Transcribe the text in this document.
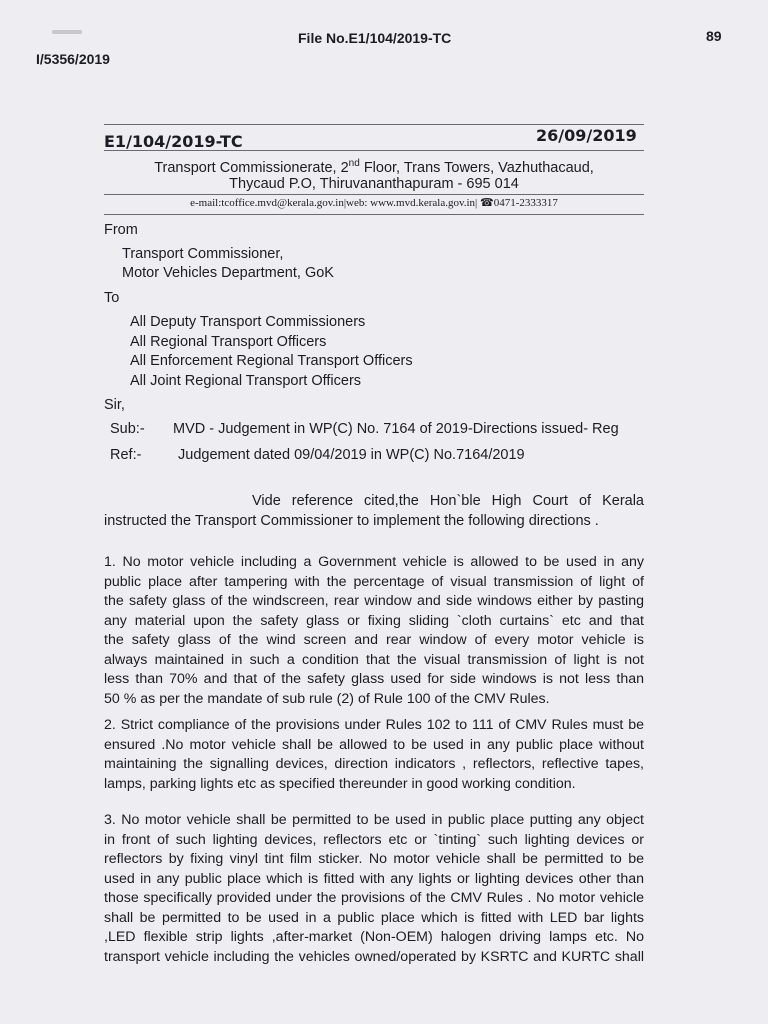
File No.E1/104/2019-TC	89
I/5356/2019
E1/104/2019-TC	26/09/2019
Transport Commissionerate, 2nd Floor, Trans Towers, Vazhuthacaud,
Thycaud P.O, Thiruvananthapuram - 695 014
e-mail:tcoffice.mvd@kerala.gov.in|web: www.mvd.kerala.gov.in| ☎0471-2333317
From
Transport Commissioner,
Motor Vehicles Department, GoK
To
All Deputy Transport Commissioners
All Regional Transport Officers
All Enforcement Regional Transport Officers
All Joint Regional Transport Officers
Sir,
Sub:- MVD - Judgement in WP(C) No. 7164 of 2019-Directions issued- Reg
Ref:-	Judgement dated 09/04/2019 in WP(C) No.7164/2019
Vide reference cited,the Hon`ble High Court of Kerala
instructed the Transport Commissioner to implement the following directions .
1. No motor vehicle including a Government vehicle is allowed to be used in any
public place after tampering with the percentage of visual transmission of light of
the safety glass of the windscreen, rear window and side windows either by pasting
any material upon the safety glass or fixing sliding `cloth curtains` etc and that
the safety glass of the wind screen and rear window of every motor vehicle is
always maintained in such a condition that the visual transmission of light is not
less than 70% and that of the safety glass used for side windows is not less than
50 % as per the mandate of sub rule (2) of Rule 100 of the CMV Rules.
2. Strict compliance of the provisions under Rules 102 to 111 of CMV Rules must be
ensured .No motor vehicle shall be allowed to be used in any public place without
maintaining the signalling devices, direction indicators , reflectors, reflective tapes,
lamps, parking lights etc as specified thereunder in good working condition.
3. No motor vehicle shall be permitted to be used in public place putting any object
in front of such lighting devices, reflectors etc or `tinting` such lighting devices or
reflectors by fixing vinyl tint film sticker. No motor vehicle shall be permitted to be
used in any public place which is fitted with any lights or lighting devices other than
those specifically provided under the provisions of the CMV Rules . No motor vehicle
shall be permitted to be used in a public place which is fitted with LED bar lights
,LED flexible strip lights ,after-market (Non-OEM) halogen driving lamps etc. No
transport vehicle including the vehicles owned/operated by KSRTC and KURTC shall
